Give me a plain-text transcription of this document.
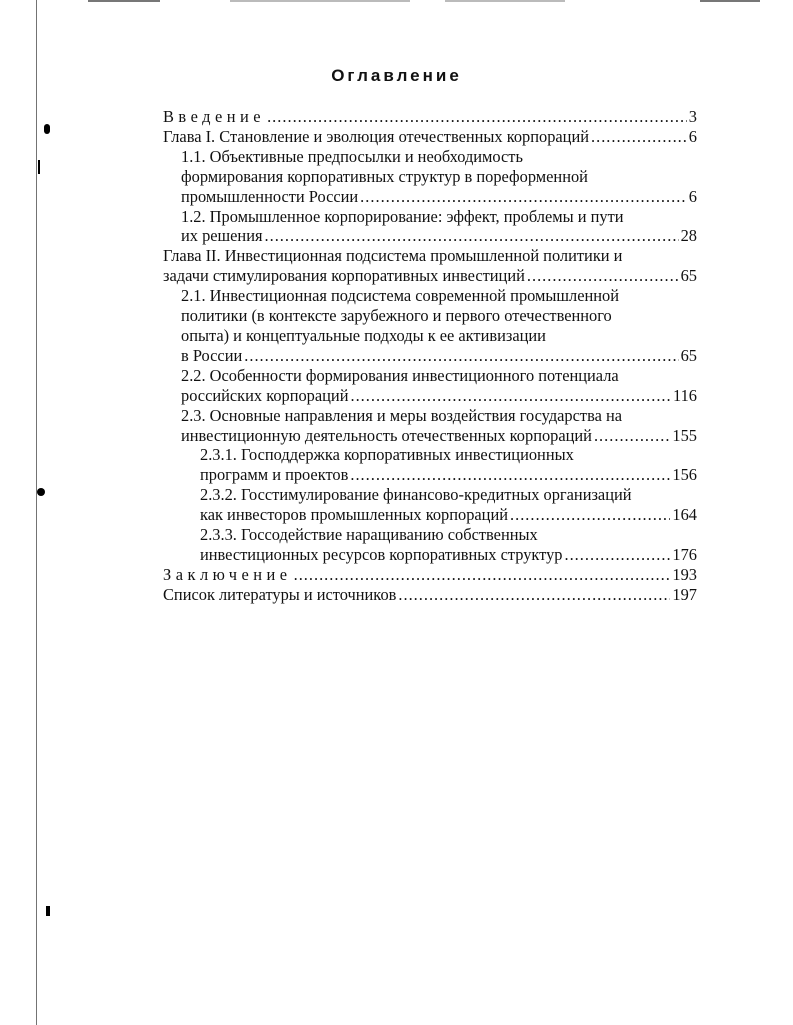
Оглавление
Введение .....	3
Глава I. Становление и эволюция отечественных корпораций .....	6
1.1. Объективные предпосылки и необходимость
формирования корпоративных структур в пореформенной
промышленности России .....	6
1.2. Промышленное корпорирование: эффект, проблемы и пути
их решения .....	28
Глава II. Инвестиционная подсистема промышленной политики и
задачи стимулирования корпоративных инвестиций .....	65
2.1. Инвестиционная подсистема современной промышленной
политики (в контексте зарубежного и первого отечественного
опыта) и концептуальные подходы к ее активизации
в России .....	65
2.2. Особенности формирования инвестиционного потенциала
российских корпораций .....	116
2.3. Основные направления и меры воздействия государства на
инвестиционную деятельность отечественных корпораций .....	155
2.3.1. Господдержка корпоративных инвестиционных
программ и проектов .....	156
2.3.2. Госстимулирование финансово-кредитных организаций
как инвесторов промышленных корпораций .....	164
2.3.3. Гоcсодействие наращиванию собственных
инвестиционных ресурсов корпоративных структур .....	176
Заключение .....	193
Список литературы и источников .....	197
